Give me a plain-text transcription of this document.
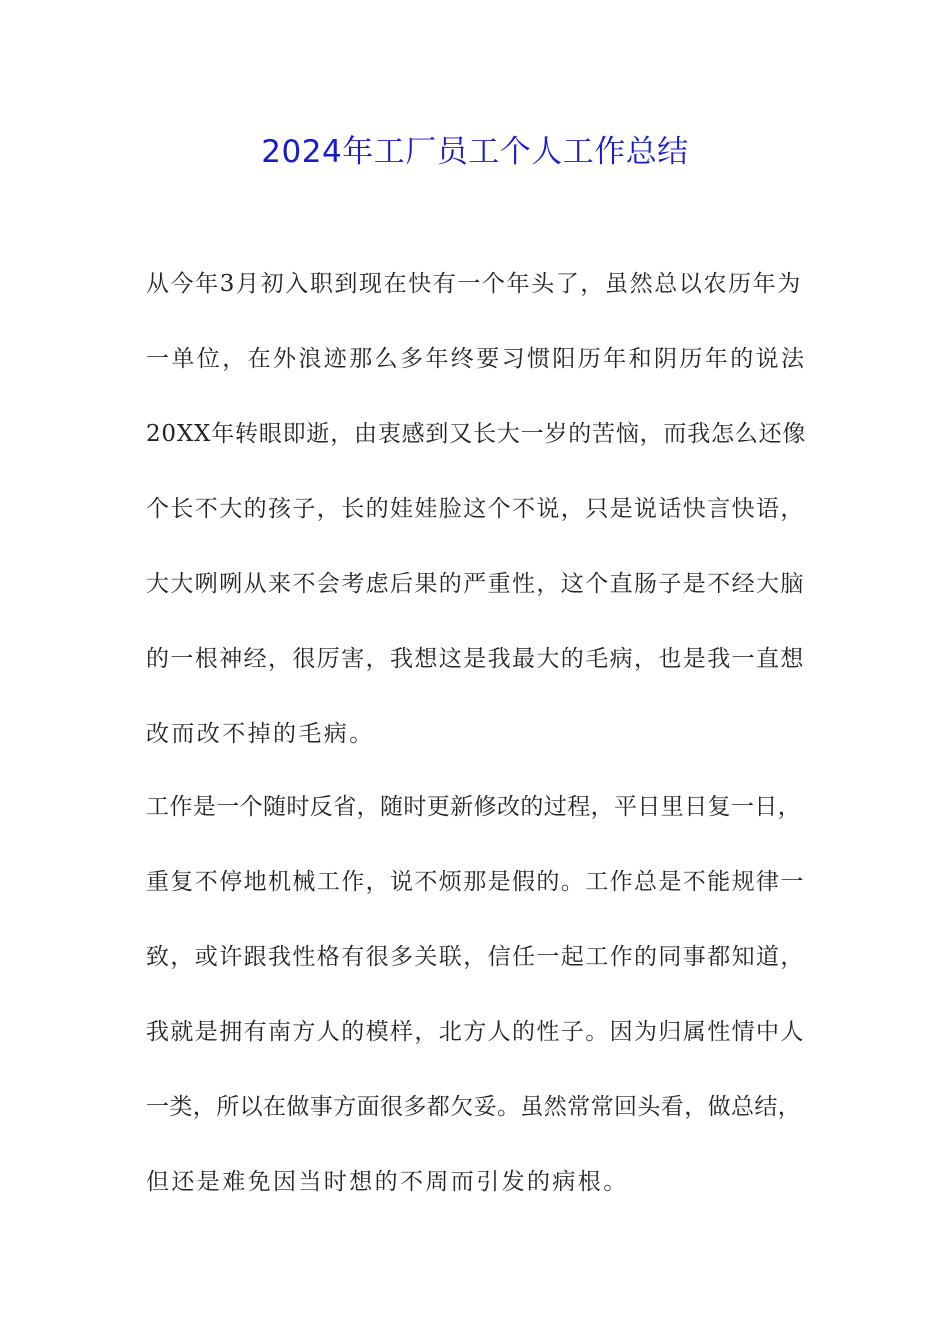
2024年工厂员工个人工作总结
从今年3月初入职到现在快有一个年头了，虽然总以农历年为
一单位，在外浪迹那么多年终要习惯阳历年和阴历年的说法
20XX年转眼即逝，由衷感到又长大一岁的苦恼，而我怎么还像
个长不大的孩子，长的娃娃脸这个不说，只是说话快言快语，
大大咧咧从来不会考虑后果的严重性，这个直肠子是不经大脑
的一根神经，很厉害，我想这是我最大的毛病，也是我一直想
改而改不掉的毛病。
工作是一个随时反省，随时更新修改的过程，平日里日复一日，
重复不停地机械工作，说不烦那是假的。工作总是不能规律一
致，或许跟我性格有很多关联，信任一起工作的同事都知道，
我就是拥有南方人的模样，北方人的性子。因为归属性情中人
一类，所以在做事方面很多都欠妥。虽然常常回头看，做总结，
但还是难免因当时想的不周而引发的病根。
